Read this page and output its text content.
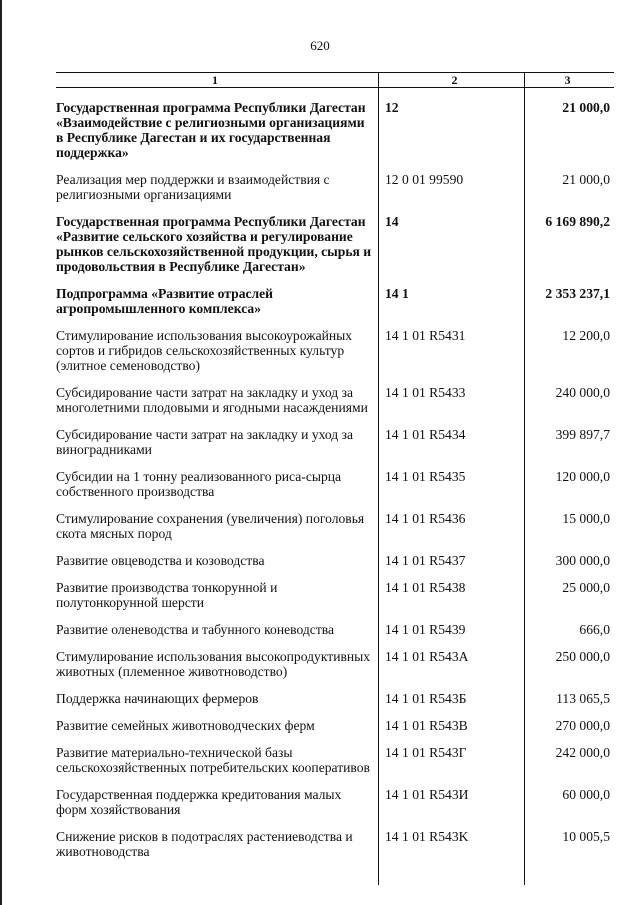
620
1	2	3
Государственная программа Республики Дагестан «Взаимодействие с религиозными организациями в Республике Дагестан и их государственная поддержка»
12	21 000,0
Реализация мер поддержки и взаимодействия с религиозными организациями
12 0 01 99590	21 000,0
Государственная программа Республики Дагестан «Развитие сельского хозяйства и регулирование рынков сельскохозяйственной продукции, сырья и продовольствия в Республике Дагестан»
14	6 169 890,2
Подпрограмма «Развитие отраслей агропромышленного комплекса»
14 1	2 353 237,1
Стимулирование использования высокоурожайных сортов и гибридов сельскохозяйственных культур (элитное семеноводство)
14 1 01 R5431	12 200,0
Субсидирование части затрат на закладку и уход за многолетними плодовыми и ягодными насаждениями
14 1 01 R5433	240 000,0
Субсидирование части затрат на закладку и уход за виноградниками
14 1 01 R5434	399 897,7
Субсидии на 1 тонну реализованного риса-сырца собственного производства
14 1 01 R5435	120 000,0
Стимулирование сохранения (увеличения) поголовья скота мясных пород
14 1 01 R5436	15 000,0
Развитие овцеводства и козоводства	14 1 01 R5437	300 000,0
Развитие производства тонкорунной и полутонкорунной шерсти
14 1 01 R5438	25 000,0
Развитие оленеводства и табунного коневодства	14 1 01 R5439	666,0
Стимулирование использования высокопродуктивных животных (племенное животноводство)
14 1 01 R543A	250 000,0
Поддержка начинающих фермеров	14 1 01 R543Б	113 065,5
Развитие семейных животноводческих ферм	14 1 01 R543B	270 000,0
Развитие материально-технической базы сельскохозяйственных потребительских кооперативов
14 1 01 R543Г	242 000,0
Государственная поддержка кредитования малых форм хозяйствования
14 1 01 R543И	60 000,0
Снижение рисков в подотраслях растениеводства и животноводства
14 1 01 R543K	10 005,5
